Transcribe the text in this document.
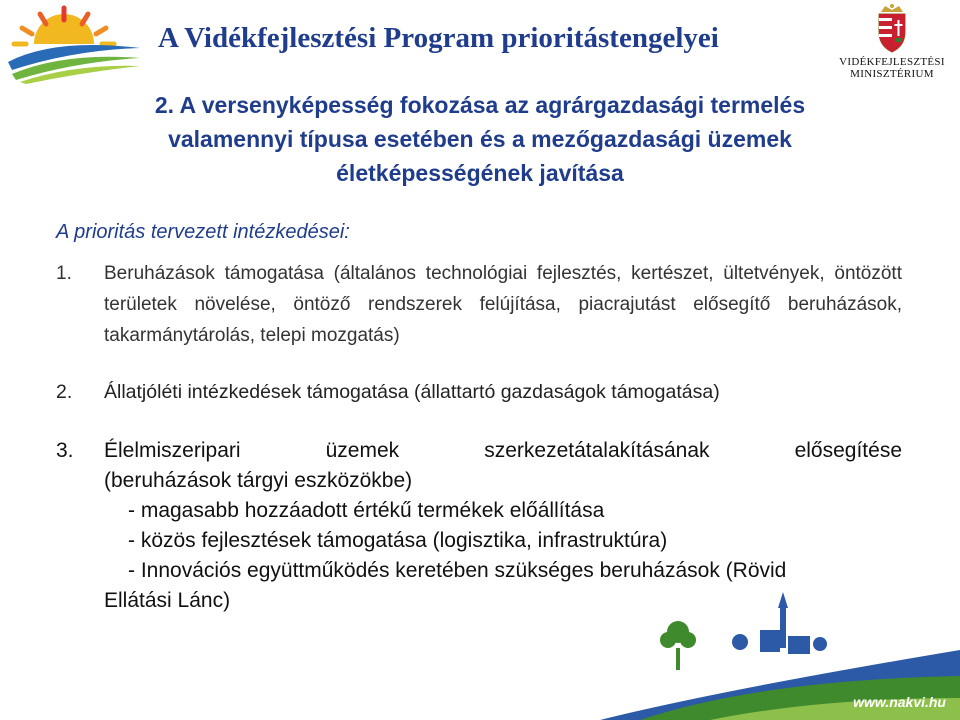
A Vidékfejlesztési Program prioritástengelyei
VIDÉKFEJLESZTÉSI
MINISZTÉRIUM
2. A versenyképesség fokozása az agrárgazdasági termelés
valamennyi típusa esetében és a mezőgazdasági üzemek
életképességének javítása
A prioritás tervezett intézkedései:
1. Beruházások támogatása (általános technológiai fejlesztés, kertészet, ültetvények, öntözött területek növelése, öntöző rendszerek felújítása, piacrajutást elősegítő beruházások, takarmánytárolás, telepi mozgatás)
2. Állatjóléti intézkedések támogatása (állattartó gazdaságok támogatása)
3. Élelmiszeripari üzemek szerkezetátalakításának elősegítése
(beruházások tárgyi eszközökbe)
- magasabb hozzáadott értékű termékek előállítása
- közös fejlesztések támogatása (logisztika, infrastruktúra)
- Innovációs együttműködés keretében szükséges beruházások (Rövid
Ellátási Lánc)
www.nakvi.hu
